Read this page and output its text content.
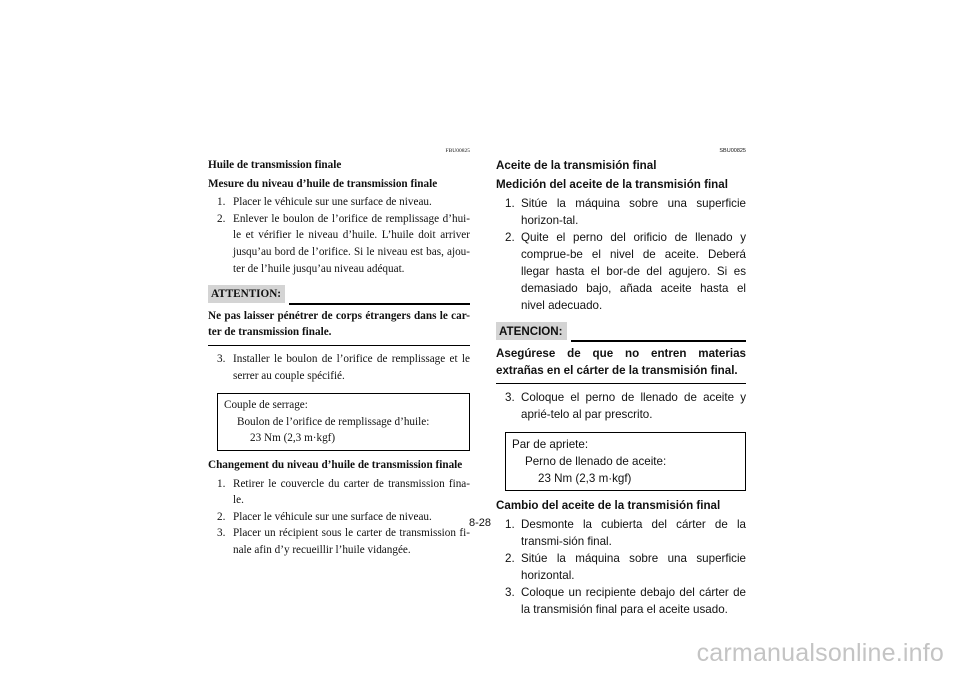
FBU00825
Huile de transmission finale
Mesure du niveau d’huile de transmission finale
1. Placer le véhicule sur une surface de niveau.
2. Enlever le boulon de l’orifice de remplissage d’hui-le et vérifier le niveau d’huile. L’huile doit arriver jusqu’au bord de l’orifice. Si le niveau est bas, ajou-ter de l’huile jusqu’au niveau adéquat.
ATTENTION:
Ne pas laisser pénétrer de corps étrangers dans le car-ter de transmission finale.
3. Installer le boulon de l’orifice de remplissage et le serrer au couple spécifié.
Couple de serrage:
Boulon de l’orifice de remplissage d’huile:
23 Nm (2,3 m·kgf)
Changement du niveau d’huile de transmission finale
1. Retirer le couvercle du carter de transmission fina-le.
2. Placer le véhicule sur une surface de niveau.
3. Placer un récipient sous le carter de transmission fi-nale afin d’y recueillir l’huile vidangée.
SBU00825
Aceite de la transmisión final
Medición del aceite de la transmisión final
1. Sitúe la máquina sobre una superficie horizon-tal.
2. Quite el perno del orificio de llenado y comprue-be el nivel de aceite. Deberá llegar hasta el bor-de del agujero. Si es demasiado bajo, añada aceite hasta el nivel adecuado.
ATENCION:
Asegúrese de que no entren materias extrañas en el cárter de la transmisión final.
3. Coloque el perno de llenado de aceite y aprié-telo al par prescrito.
Par de apriete:
Perno de llenado de aceite:
23 Nm (2,3 m·kgf)
Cambio del aceite de la transmisión final
1. Desmonte la cubierta del cárter de la transmi-sión final.
2. Sitúe la máquina sobre una superficie horizontal.
3. Coloque un recipiente debajo del cárter de la transmisión final para el aceite usado.
8-28
carmanualsonline.info
